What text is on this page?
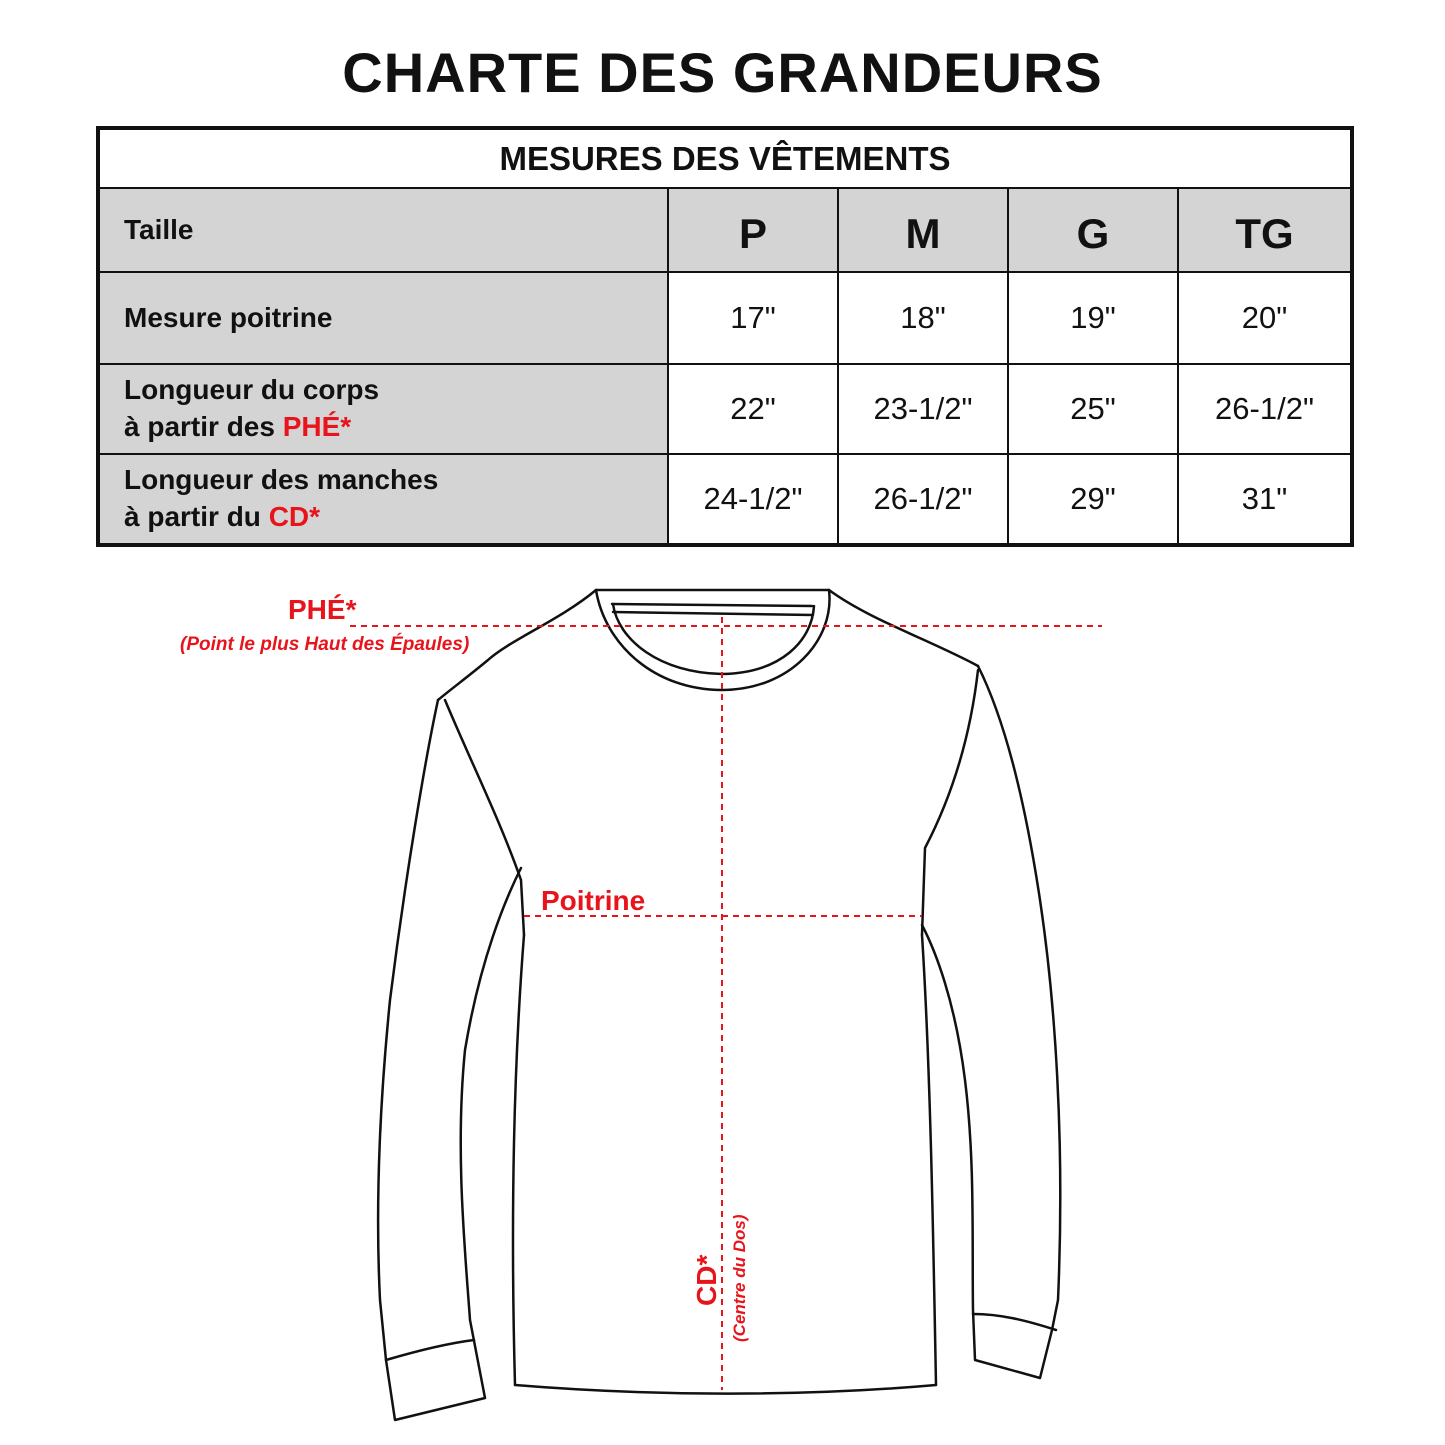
CHARTE DES GRANDEURS
MESURES DES VÊTEMENTS				
Taille	P	M	G	TG
Mesure poitrine	17"	18"	19"	20"
Longueur du corps
à partir des PHÉ*	22"	23-1/2"	25"	26-1/2"
Longueur des manches
à partir du CD*	24-1/2"	26-1/2"	29"	31"
PHÉ*
(Point le plus Haut des Épaules)
Poitrine
CD* (Centre du Dos)
